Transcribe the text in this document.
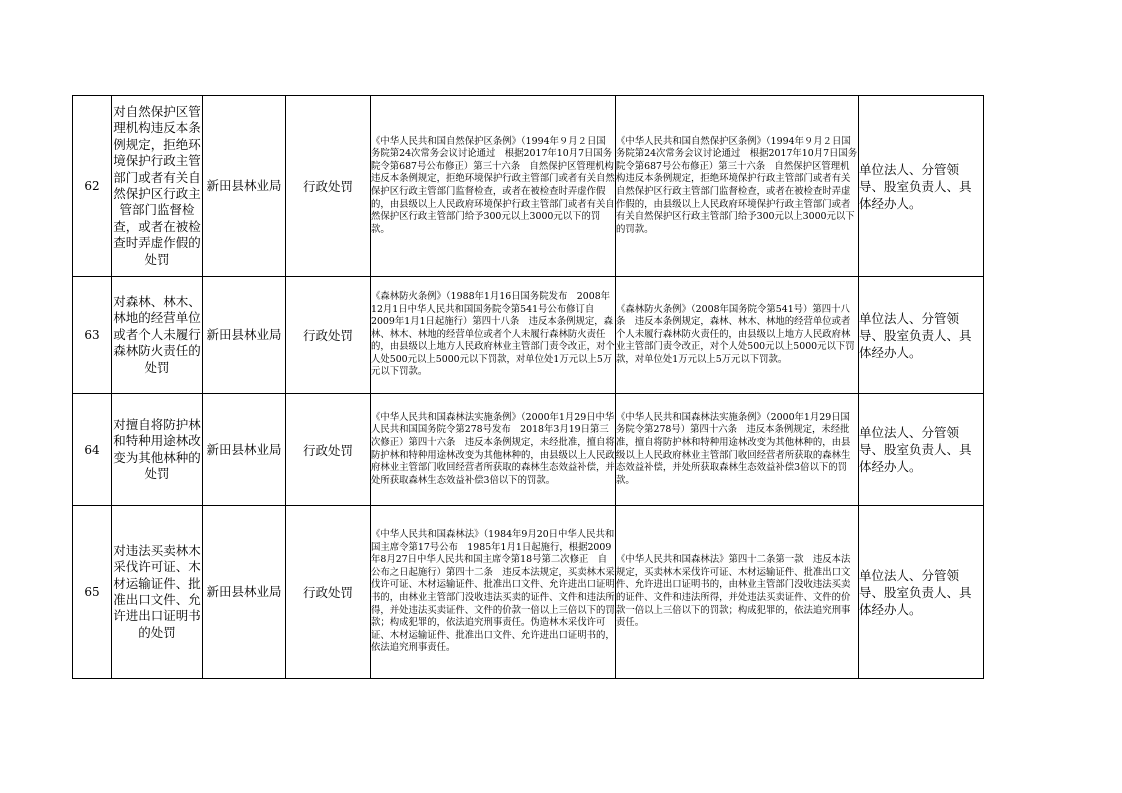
62	对自然保护区管理机构违反本条例规定，拒绝环境保护行政主管部门或者有关自然保护区行政主管部门监督检查，或者在被检查时弄虚作假的处罚	新田县林业局	行政处罚	《中华人民共和国自然保护区条例》（1994年９月２日国务院第24次常务会议讨论通过　根据2017年10月7日国务院令第687号公布修正）第三十六条　自然保护区管理机构违反本条例规定，拒绝环境保护行政主管部门或者有关自然保护区行政主管部门监督检查，或者在被检查时弄虚作假的，由县级以上人民政府环境保护行政主管部门或者有关自然保护区行政主管部门给予300元以上3000元以下的罚款。	《中华人民共和国自然保护区条例》（1994年９月２日国务院第24次常务会议讨论通过　根据2017年10月7日国务院令第687号公布修正）第三十六条　自然保护区管理机构违反本条例规定，拒绝环境保护行政主管部门或者有关自然保护区行政主管部门监督检查，或者在被检查时弄虚作假的，由县级以上人民政府环境保护行政主管部门或者有关自然保护区行政主管部门给予300元以上3000元以下的罚款。	单位法人、分管领导、股室负责人、具体经办人。
63	对森林、林木、林地的经营单位或者个人未履行森林防火责任的处罚	新田县林业局	行政处罚	《森林防火条例》（1988年1月16日国务院发布　2008年12月1日中华人民共和国国务院令第541号公布修订自2009年1月1日起施行）第四十八条　违反本条例规定，森林、林木、林地的经营单位或者个人未履行森林防火责任的，由县级以上地方人民政府林业主管部门责令改正，对个人处500元以上5000元以下罚款，对单位处1万元以上5万元以下罚款。	《森林防火条例》（2008年国务院令第541号）第四十八条　违反本条例规定，森林、林木、林地的经营单位或者个人未履行森林防火责任的，由县级以上地方人民政府林业主管部门责令改正，对个人处500元以上5000元以下罚款，对单位处1万元以上5万元以下罚款。	单位法人、分管领导、股室负责人、具体经办人。
64	对擅自将防护林和特种用途林改变为其他林种的处罚	新田县林业局	行政处罚	《中华人民共和国森林法实施条例》（2000年1月29日中华人民共和国国务院令第278号发布　2018年3月19日第三次修正）第四十六条　违反本条例规定，未经批准，擅自将防护林和特种用途林改变为其他林种的，由县级以上人民政府林业主管部门收回经营者所获取的森林生态效益补偿，并处所获取森林生态效益补偿3倍以下的罚款。	《中华人民共和国森林法实施条例》（2000年1月29日国务院令第278号）第四十六条　违反本条例规定，未经批准，擅自将防护林和特种用途林改变为其他林种的，由县级以上人民政府林业主管部门收回经营者所获取的森林生态效益补偿，并处所获取森林生态效益补偿3倍以下的罚款。	单位法人、分管领导、股室负责人、具体经办人。
65	对违法买卖林木采伐许可证、木材运输证件、批准出口文件、允许进出口证明书的处罚	新田县林业局	行政处罚	《中华人民共和国森林法》（1984年9月20日中华人民共和国主席令第17号公布　1985年1月1日起施行，根据2009年8月27日中华人民共和国主席令第18号第二次修正　自公布之日起施行）第四十二条　违反本法规定，买卖林木采伐许可证、木材运输证件、批准出口文件、允许进出口证明书的，由林业主管部门没收违法买卖的证件、文件和违法所得，并处违法买卖证件、文件的价款一倍以上三倍以下的罚款；构成犯罪的，依法追究刑事责任。伪造林木采伐许可证、木材运输证件、批准出口文件、允许进出口证明书的，依法追究刑事责任。	《中华人民共和国森林法》第四十二条第一款　违反本法规定，买卖林木采伐许可证、木材运输证件、批准出口文件、允许进出口证明书的，由林业主管部门没收违法买卖的证件、文件和违法所得，并处违法买卖证件、文件的价款一倍以上三倍以下的罚款；构成犯罪的，依法追究刑事责任。	单位法人、分管领导、股室负责人、具体经办人。
